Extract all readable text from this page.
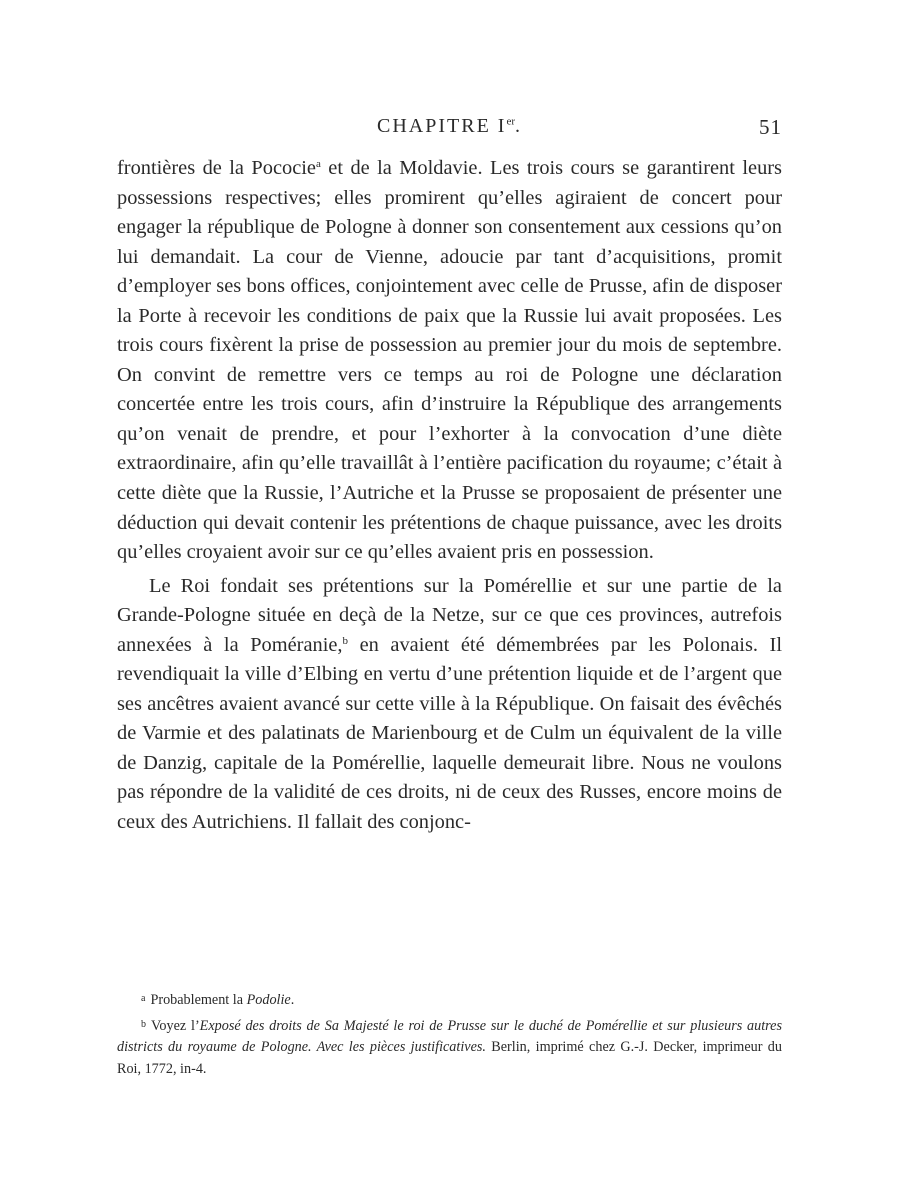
CHAPITRE Ier.	51

frontières de la Pococie$^a$ et de la Moldavie. Les trois cours se garantirent leurs possessions respectives; elles promirent qu’elles agiraient de concert pour engager la république de Pologne à donner son consentement aux cessions qu’on lui demandait. La cour de Vienne, adoucie par tant d’acquisitions, promit d’employer ses bons offices, conjointement avec celle de Prusse, afin de disposer la Porte à recevoir les conditions de paix que la Russie lui avait proposées. Les trois cours fixèrent la prise de possession au premier jour du mois de septembre. On convint de remettre vers ce temps au roi de Pologne une déclaration concertée entre les trois cours, afin d’instruire la République des arrangements qu’on venait de prendre, et pour l’exhorter à la convocation d’une diète extraordinaire, afin qu’elle travaillât à l’entière pacification du royaume; c’était à cette diète que la Russie, l’Autriche et la Prusse se proposaient de présenter une déduction qui devait contenir les prétentions de chaque puissance, avec les droits qu’elles croyaient avoir sur ce qu’elles avaient pris en possession.

Le Roi fondait ses prétentions sur la Pomérellie et sur une partie de la Grande-Pologne située en deçà de la Netze, sur ce que ces provinces, autrefois annexées à la Poméranie,$^b$ en avaient été démembrées par les Polonais. Il revendiquait la ville d’Elbing en vertu d’une prétention liquide et de l’argent que ses ancêtres avaient avancé sur cette ville à la République. On faisait des évêchés de Varmie et des palatinats de Marienbourg et de Culm un équivalent de la ville de Danzig, capitale de la Pomérellie, laquelle demeurait libre. Nous ne voulons pas répondre de la validité de ces droits, ni de ceux des Russes, encore moins de ceux des Autrichiens. Il fallait des conjonc-

$^a$ Probablement la Podolie.

$^b$ Voyez l’Exposé des droits de Sa Majesté le roi de Prusse sur le duché de Pomérellie et sur plusieurs autres districts du royaume de Pologne. Avec les pièces justificatives. Berlin, imprimé chez G.-J. Decker, imprimeur du Roi, 1772, in-4.
